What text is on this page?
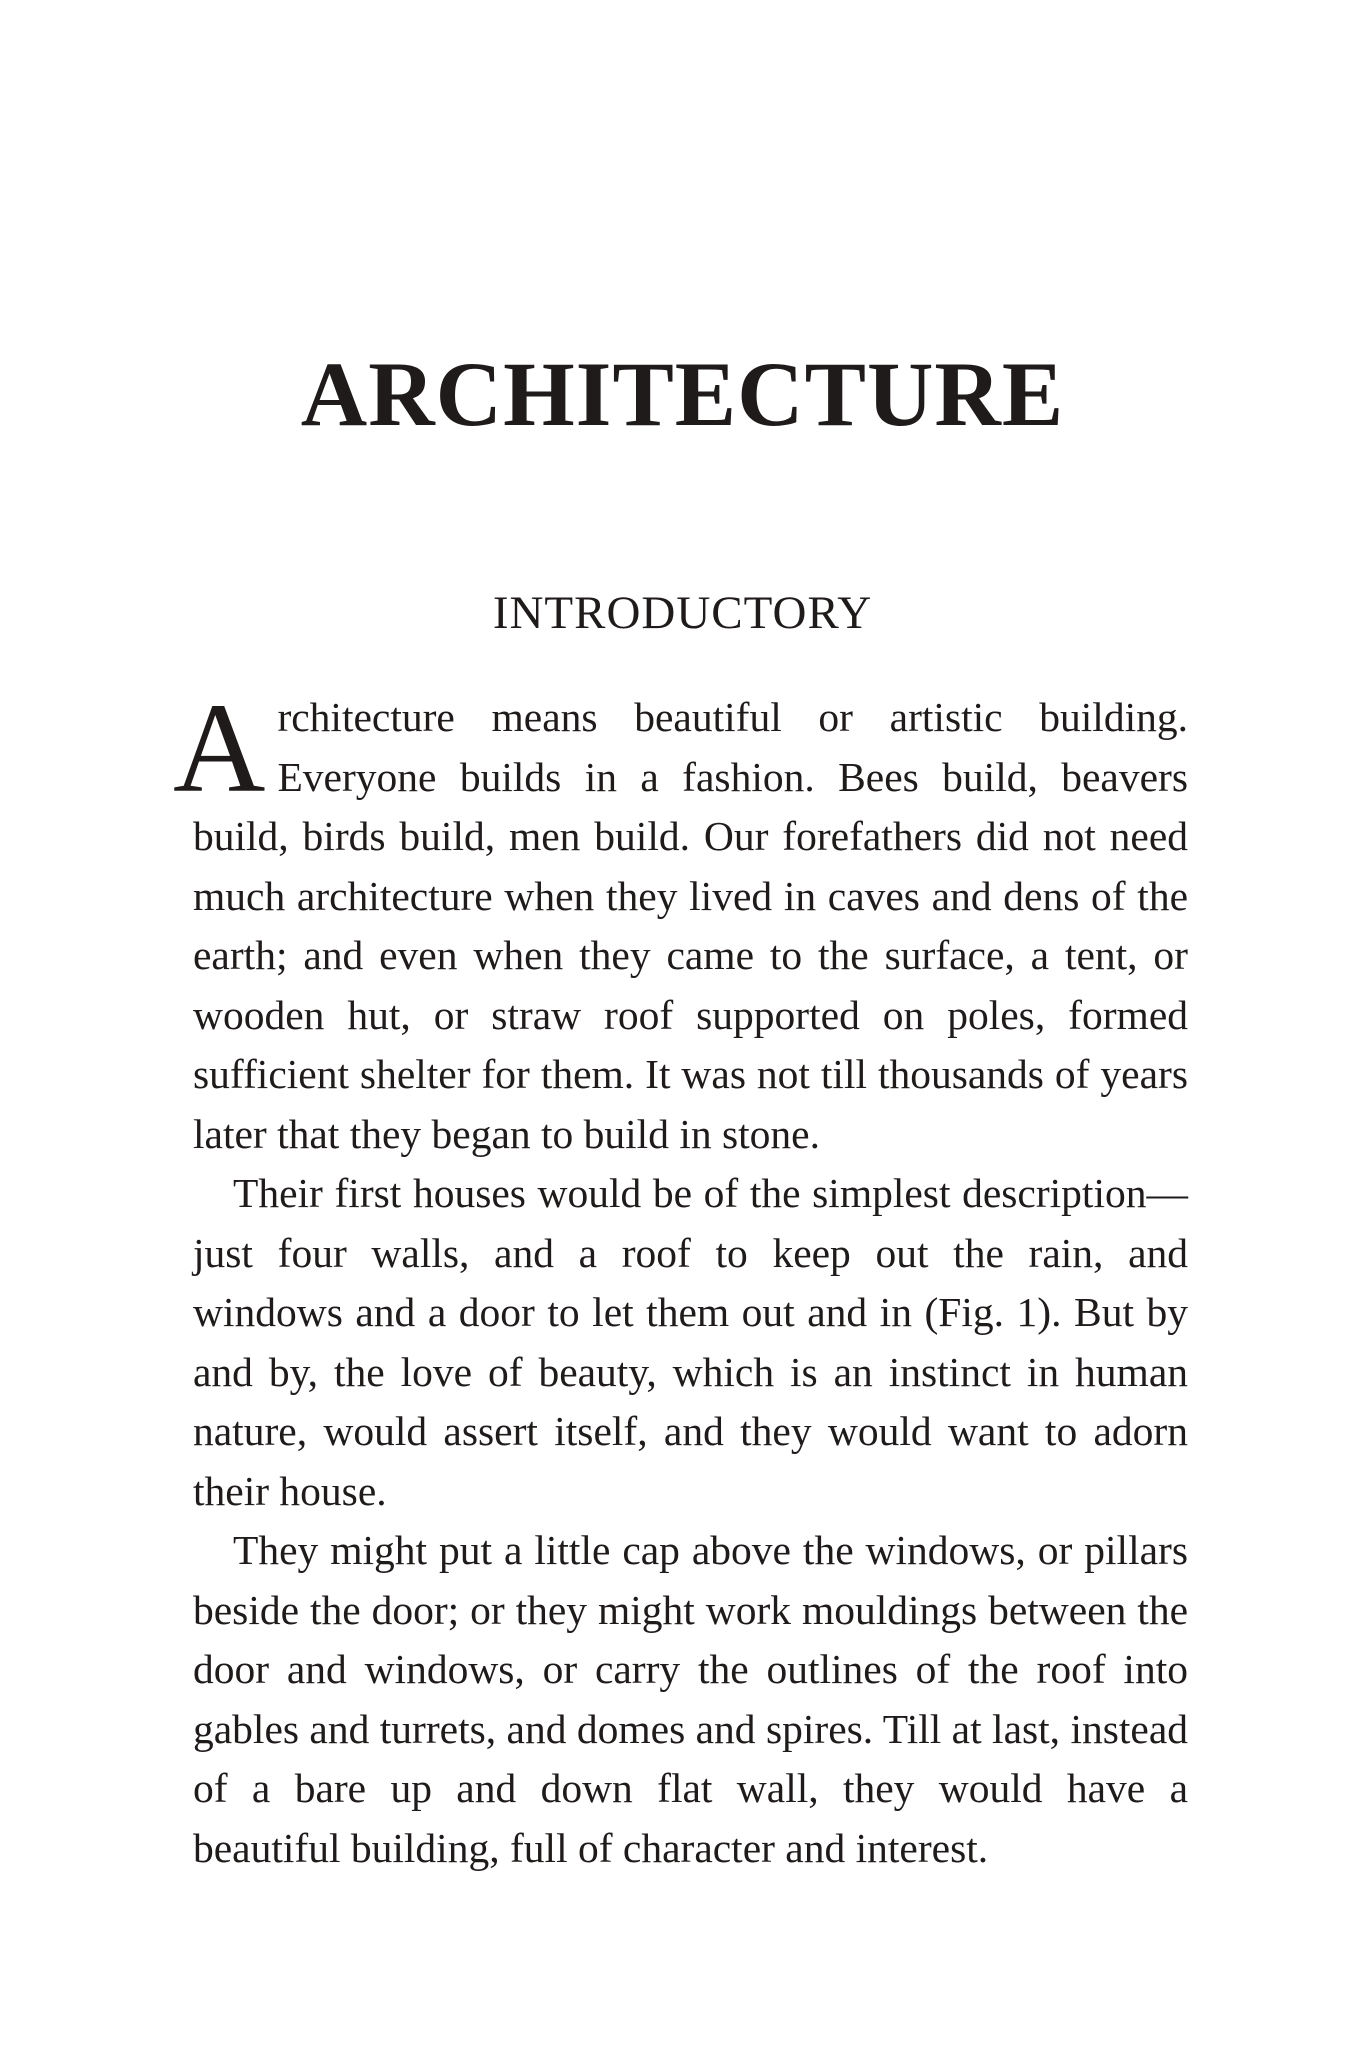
ARCHITECTURE
INTRODUCTORY

Architecture means beautiful or artistic building. Everyone builds in a fashion. Bees build, beavers build, birds build, men build. Our forefathers did not need much architecture when they lived in caves and dens of the earth; and even when they came to the surface, a tent, or wooden hut, or straw roof supported on poles, formed sufficient shelter for them. It was not till thousands of years later that they began to build in stone.

Their first houses would be of the simplest description—just four walls, and a roof to keep out the rain, and windows and a door to let them out and in (Fig. 1). But by and by, the love of beauty, which is an instinct in human nature, would assert itself, and they would want to adorn their house.

They might put a little cap above the windows, or pillars beside the door; or they might work mouldings between the door and windows, or carry the outlines of the roof into gables and turrets, and domes and spires. Till at last, instead of a bare up and down flat wall, they would have a beautiful building, full of character and interest.
